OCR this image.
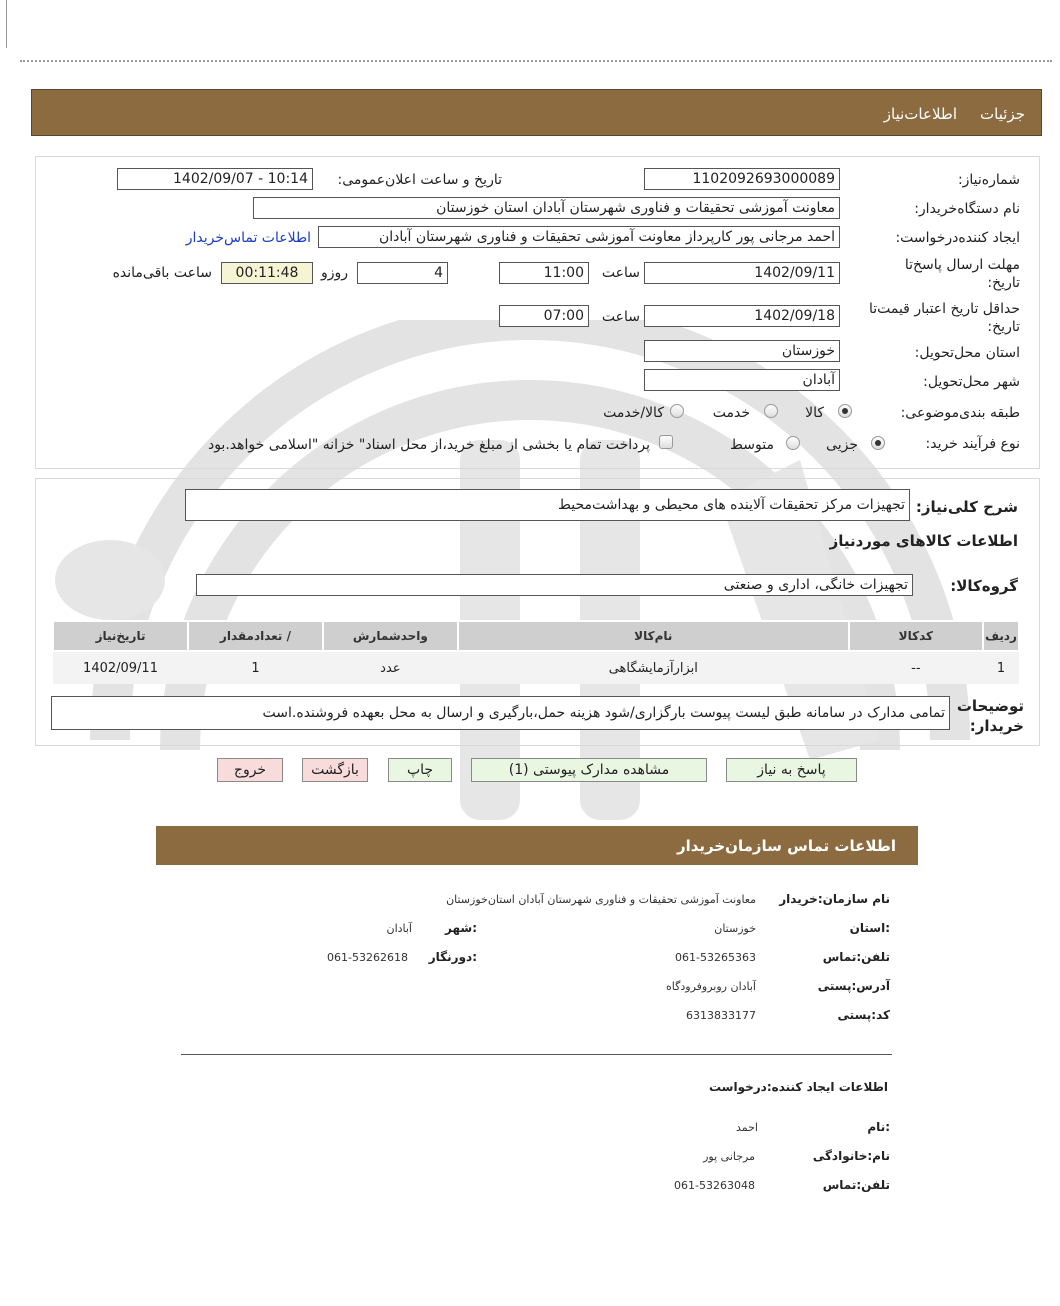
جزئیات
اطلاعات‌نیاز
شماره‌نیاز:
1102092693000089
تاریخ و ساعت اعلان‌عمومی:
1402/09/07 - 10:14
نام دستگاه‌خریدار:
معاونت آموزشی تحقیقات و فناوری شهرستان آبادان استان خوزستان
ایجاد کننده‌درخواست:
احمد مرجانی پور کارپرداز معاونت آموزشی تحقیقات و فناوری شهرستان آبادان
اطلاعات تماس‌خریدار
مهلت ارسال پاسخ‌تا تاریخ:
1402/09/11
ساعت
11:00
4
روزو
00:11:48
ساعت باقی‌مانده
حداقل تاریخ اعتبار قیمت‌تا تاریخ:
1402/09/18
ساعت
07:00
استان محل‌تحویل:
خوزستان
شهر محل‌تحویل:
آبادان
طبقه بندی‌موضوعی:
کالا
خدمت
کالا‌/خدمت
نوع فرآیند‌ خرید:
جزیی
متوسط
پرداخت تمام یا بخشی از مبلغ خرید،از محل اسناد" خزانه "اسلامی خواهد.بود
شرح کلی‌نیاز:
تجهیزات مرکز تحقیقات آلاینده های محیطی و بهداشت‌محیط
اطلاعات کالاهای موردنیاز
گروه‌کالا:
تجهیزات خانگی، اداری و صنعتی
ردیف	کدکالا	نام‌کالا	واحدشمارش	/ تعدادمقدار	تاریخ‌نیاز
1	--	ابزارآزمایشگاهی	عدد	1	1402/09/11
توضیحات خریدار:
تمامی مدارک در سامانه طبق لیست پیوست بارگزاری/شود هزینه حمل،بارگیری و ارسال به محل بعهده فروشنده.است
پاسخ به نیاز
مشاهده مدارک پیوستی (1)
چاپ
بازگشت
خروج
اطلاعات تماس سازمان‌خریدار
نام سازمان‌:خریدار
معاونت آموزشی تحقیقات و فناوری شهرستان آبادان استان‌خوزستان
:استان
خوزستان
:شهر
آبادان
تلفن‌:تماس
061-53265363
:دورنگار
061-53262618
آدرس‌:پستی
آبادان روبروفرودگاه
کد‌:پستی
6313833177
اطلاعات ایجاد کننده‌:درخواست
:نام
احمد
نام‌:خانوادگی
مرجانی پور
تلفن‌:تماس
061-53263048
